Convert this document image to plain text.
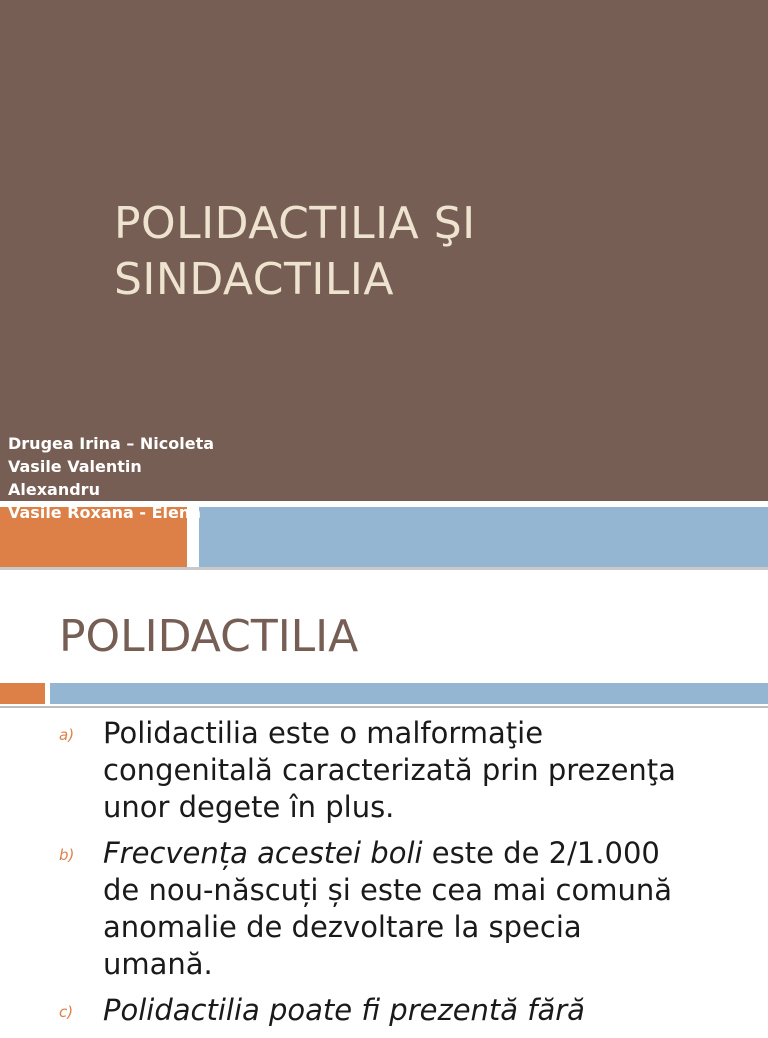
POLIDACTILIA ŞI
SINDACTILIA
Drugea Irina – Nicoleta
Vasile Valentin
Alexandru
Vasile Roxana - Elena
POLIDACTILIA
a) Polidactilia este o malformaţie
congenitală caracterizată prin prezenţa
unor degete în plus.
b) Frecvența acestei boli este de 2/1.000
de nou-născuți și este cea mai comună
anomalie de dezvoltare la specia
umană.
c) Polidactilia poate fi prezentă fără
